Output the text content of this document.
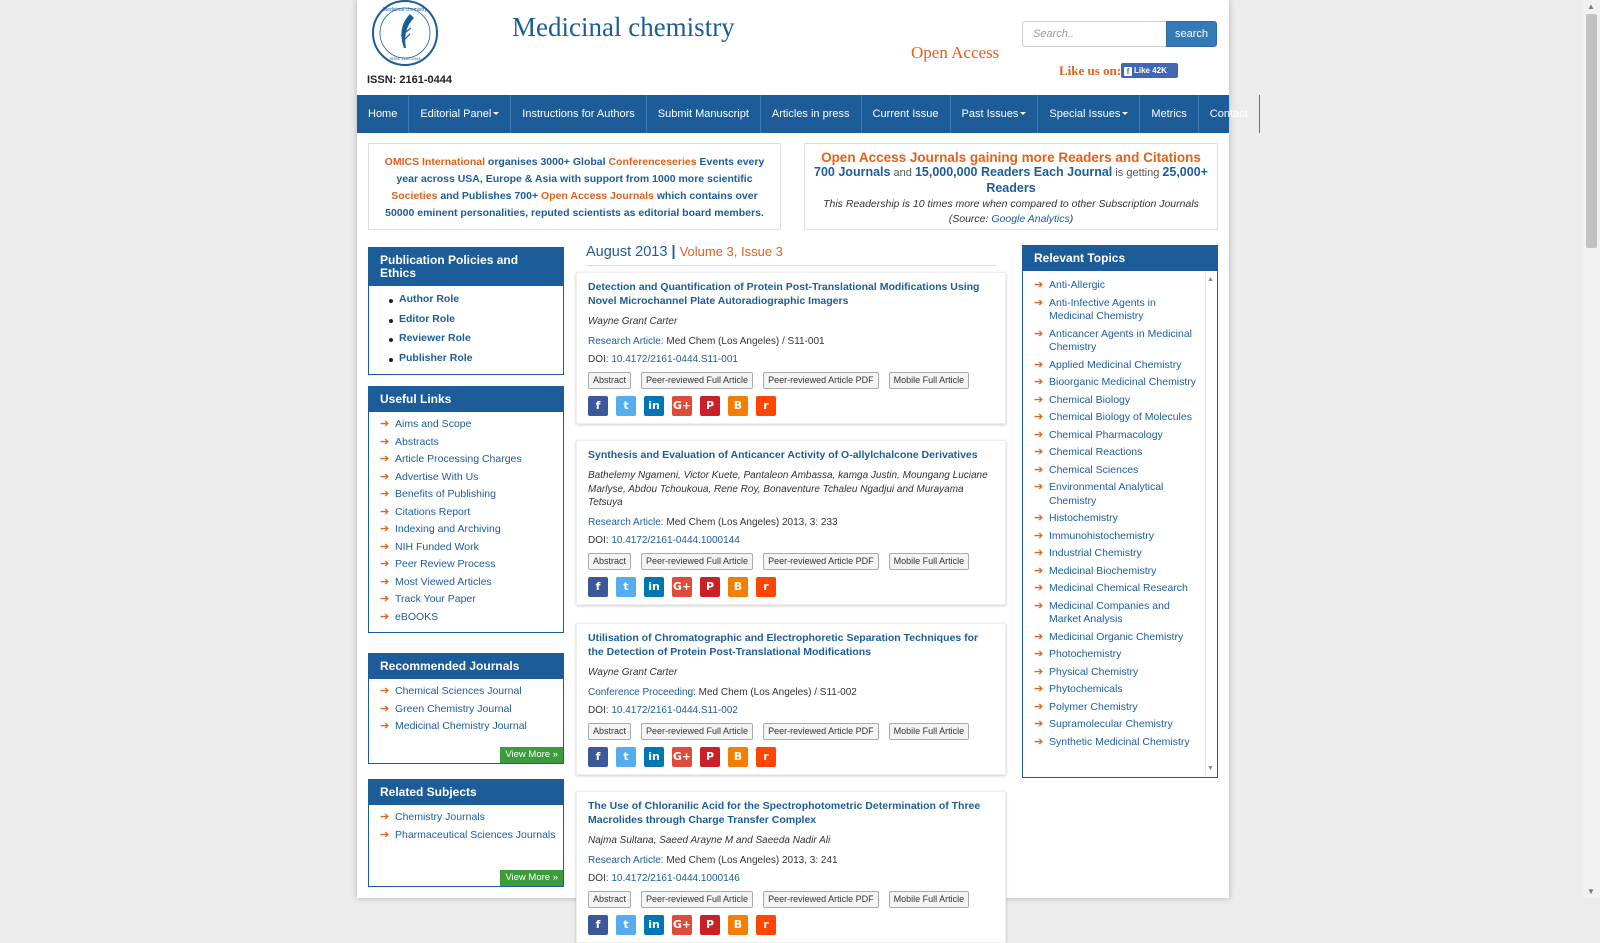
Medicinal chemistry
ISSN: 2161-0444
ISSN: 2161-0444
Medicinal chemistry
Open Access
Search..
search
Like us on: f Like 42K
Home	Editorial Panel	Instructions for Authors	Submit Manuscript	Articles in press	Current Issue	Past Issues	Special Issues	Metrics	Contact
OMICS International organises 3000+ Global Conferenceseries Events every year across USA, Europe & Asia with support from 1000 more scientific Societies and Publishes 700+ Open Access Journals which contains over 50000 eminent personalities, reputed scientists as editorial board members.
Open Access Journals gaining more Readers and Citations
700 Journals and 15,000,000 Readers Each Journal is getting 25,000+ Readers
This Readership is 10 times more when compared to other Subscription Journals (Source: Google Analytics)
Publication Policies and Ethics
Author Role
Editor Role
Reviewer Role
Publisher Role
Useful Links
➔ Aims and Scope
➔ Abstracts
➔ Article Processing Charges
➔ Advertise With Us
➔ Benefits of Publishing
➔ Citations Report
➔ Indexing and Archiving
➔ NIH Funded Work
➔ Peer Review Process
➔ Most Viewed Articles
➔ Track Your Paper
➔ eBOOKS
Recommended Journals
➔ Chemical Sciences Journal
➔ Green Chemistry Journal
➔ Medicinal Chemistry Journal
View More »
Related Subjects
➔ Chemistry Journals
➔ Pharmaceutical Sciences Journals
View More »
August 2013 | Volume 3, Issue 3
Detection and Quantification of Protein Post-Translational Modifications Using Novel Microchannel Plate Autoradiographic Imagers
Wayne Grant Carter
Research Article: Med Chem (Los Angeles) / S11-001
DOI: 10.4172/2161-0444.S11-001
Abstract	Peer-reviewed Full Article	Peer-reviewed Article PDF	Mobile Full Article
f	t	in	G+	P	B	r
Synthesis and Evaluation of Anticancer Activity of O-allylchalcone Derivatives
Bathelemy Ngameni, Victor Kuete, Pantaleon Ambassa, kamga Justin, Moungang Luciane Marlyse, Abdou Tchoukoua, Rene Roy, Bonaventure Tchaleu Ngadjui and Murayama Tetsuya
Research Article: Med Chem (Los Angeles) 2013, 3: 233
DOI: 10.4172/2161-0444.1000144
Abstract	Peer-reviewed Full Article	Peer-reviewed Article PDF	Mobile Full Article
f	t	in	G+	P	B	r
Utilisation of Chromatographic and Electrophoretic Separation Techniques for the Detection of Protein Post-Translational Modifications
Wayne Grant Carter
Conference Proceeding: Med Chem (Los Angeles) / S11-002
DOI: 10.4172/2161-0444.S11-002
Abstract	Peer-reviewed Full Article	Peer-reviewed Article PDF	Mobile Full Article
f	t	in	G+	P	B	r
The Use of Chloranilic Acid for the Spectrophotometric Determination of Three Macrolides through Charge Transfer Complex
Najma Sultana, Saeed Arayne M and Saeeda Nadir Ali
Research Article: Med Chem (Los Angeles) 2013, 3: 241
DOI: 10.4172/2161-0444.1000146
Abstract	Peer-reviewed Full Article	Peer-reviewed Article PDF	Mobile Full Article
f	t	in	G+	P	B	r
Relevant Topics
➔ Anti-Allergic
➔ Anti-Infective Agents in Medicinal Chemistry
➔ Anticancer Agents in Medicinal Chemistry
➔ Applied Medicinal Chemistry
➔ Bioorganic Medicinal Chemistry
➔ Chemical Biology
➔ Chemical Biology of Molecules
➔ Chemical Pharmacology
➔ Chemical Reactions
➔ Chemical Sciences
➔ Environmental Analytical Chemistry
➔ Histochemistry
➔ Immunohistochemistry
➔ Industrial Chemistry
➔ Medicinal Biochemistry
➔ Medicinal Chemical Research
➔ Medicinal Companies and Market Analysis
➔ Medicinal Organic Chemistry
➔ Photochemistry
➔ Physical Chemistry
➔ Phytochemicals
➔ Polymer Chemistry
➔ Supramolecular Chemistry
➔ Synthetic Medicinal Chemistry
▲
▼
▲
▼
